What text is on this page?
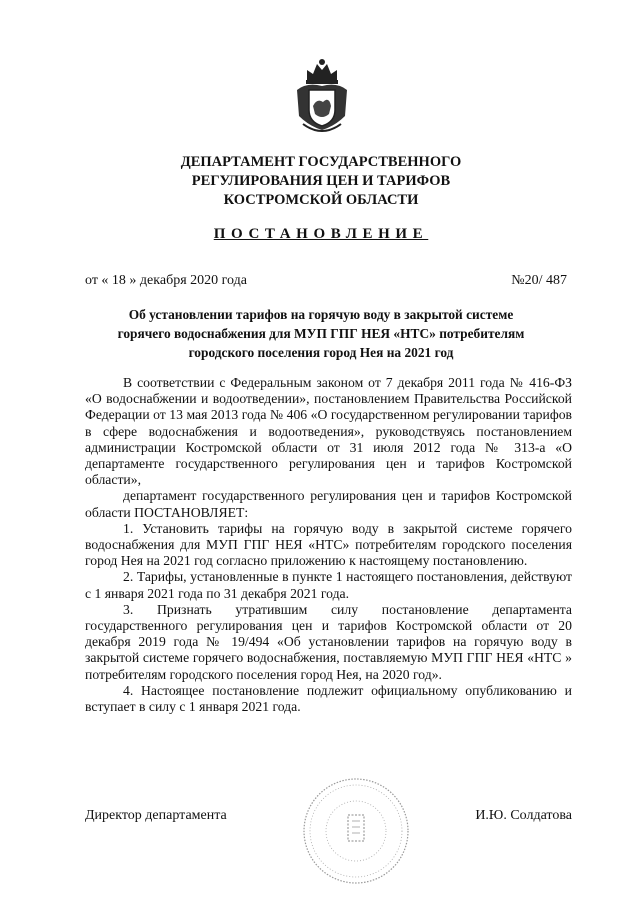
ДЕПАРТАМЕНТ ГОСУДАРСТВЕННОГО
РЕГУЛИРОВАНИЯ ЦЕН И ТАРИФОВ
КОСТРОМСКОЙ ОБЛАСТИ
ПОСТАНОВЛЕНИЕ
от « 18 » декабря 2020 года	№20/ 487
Об установлении тарифов на горячую воду в закрытой системе
горячего водоснабжения для МУП ГПГ НЕЯ «НТС» потребителям
городского поселения город Нея на 2021 год

В соответствии с Федеральным законом от 7 декабря 2011 года № 416-ФЗ «О водоснабжении и водоотведении», постановлением Правительства Российской Федерации от 13 мая 2013 года № 406 «О государственном регулировании тарифов в сфере водоснабжения и водоотведения», руководствуясь постановлением администрации Костромской области от 31 июля 2012 года № 313-а «О департаменте государственного регулирования цен и тарифов Костромской области»,

департамент государственного регулирования цен и тарифов Костромской области ПОСТАНОВЛЯЕТ:

1. Установить тарифы на горячую воду в закрытой системе горячего водоснабжения для МУП ГПГ НЕЯ «НТС» потребителям городского поселения город Нея на 2021 год согласно приложению к настоящему постановлению.

2. Тарифы, установленные в пункте 1 настоящего постановления, действуют с 1 января 2021 года по 31 декабря 2021 года.

3. Признать утратившим силу постановление департамента государственного регулирования цен и тарифов Костромской области от 20 декабря 2019 года № 19/494 «Об установлении тарифов на горячую воду в закрытой системе горячего водоснабжения, поставляемую МУП ГПГ НЕЯ «НТС » потребителям городского поселения город Нея, на 2020 год».

4. Настоящее постановление подлежит официальному опубликованию и вступает в силу с 1 января 2021 года.

Директор департамента	И.Ю. Солдатова
